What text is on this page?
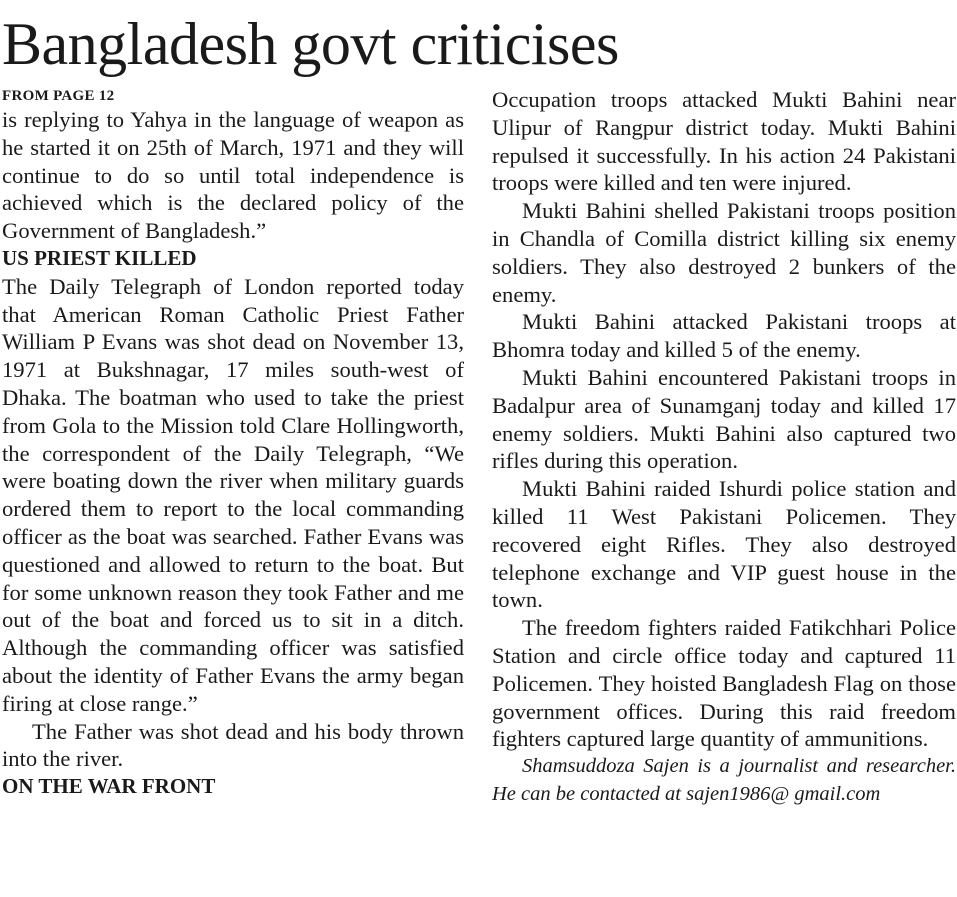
Bangladesh govt criticises

FROM PAGE 12

is replying to Yahya in the language of weapon as he started it on 25th of March, 1971 and they will continue to do so until total independence is achieved which is the declared policy of the Government of Bangladesh.”

US PRIEST KILLED

The Daily Telegraph of London reported today that American Roman Catholic Priest Father William P Evans was shot dead on November 13, 1971 at Bukshnagar, 17 miles south-west of Dhaka. The boatman who used to take the priest from Gola to the Mission told Clare Hollingworth, the correspondent of the Daily Telegraph, “We were boating down the river when military guards ordered them to report to the local commanding officer as the boat was searched. Father Evans was questioned and allowed to return to the boat. But for some unknown reason they took Father and me out of the boat and forced us to sit in a ditch. Although the commanding officer was satisfied about the identity of Father Evans the army began firing at close range.”

The Father was shot dead and his body thrown into the river.

ON THE WAR FRONT

Occupation troops attacked Mukti Bahini near Ulipur of Rangpur district today. Mukti Bahini repulsed it successfully. In his action 24 Pakistani troops were killed and ten were injured.

Mukti Bahini shelled Pakistani troops position in Chandla of Comilla district killing six enemy soldiers. They also destroyed 2 bunkers of the enemy.

Mukti Bahini attacked Pakistani troops at Bhomra today and killed 5 of the enemy.

Mukti Bahini encountered Pakistani troops in Badalpur area of Sunamganj today and killed 17 enemy soldiers. Mukti Bahini also captured two rifles during this operation.

Mukti Bahini raided Ishurdi police station and killed 11 West Pakistani Policemen. They recovered eight Rifles. They also destroyed telephone exchange and VIP guest house in the town.

The freedom fighters raided Fatikchhari Police Station and circle office today and captured 11 Policemen. They hoisted Bangladesh Flag on those government offices. During this raid freedom fighters captured large quantity of ammunitions.

Shamsuddoza Sajen is a journalist and researcher. He can be contacted at sajen1986@ gmail.com
